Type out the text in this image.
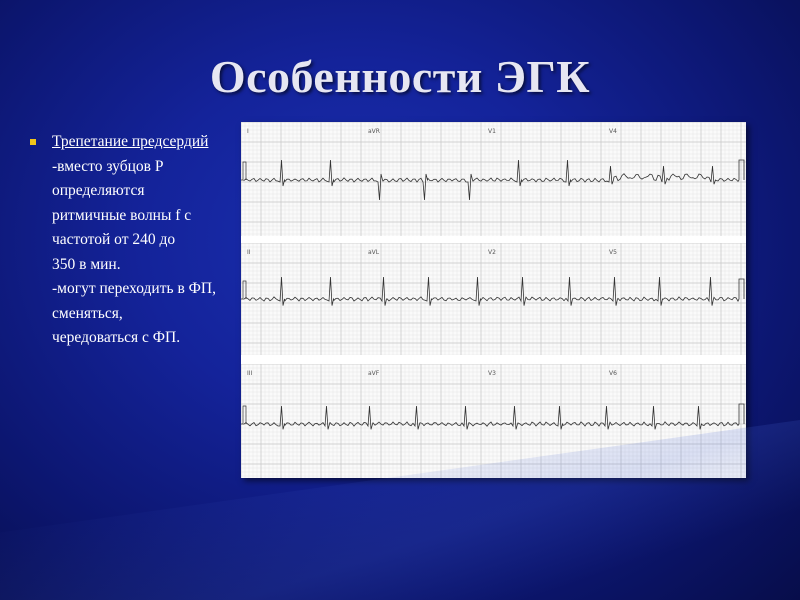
Особенности ЭГК
Трепетание предсердий

-вместо зубцов Р
определяются
ритмичные волны f с
частотой от 240 до
350 в мин.

-могут переходить в ФП,
сменяться,
чередоваться с ФП.

I	aVR	V1	V4
II	aVL	V2	V5
III	aVF	V3	V6
